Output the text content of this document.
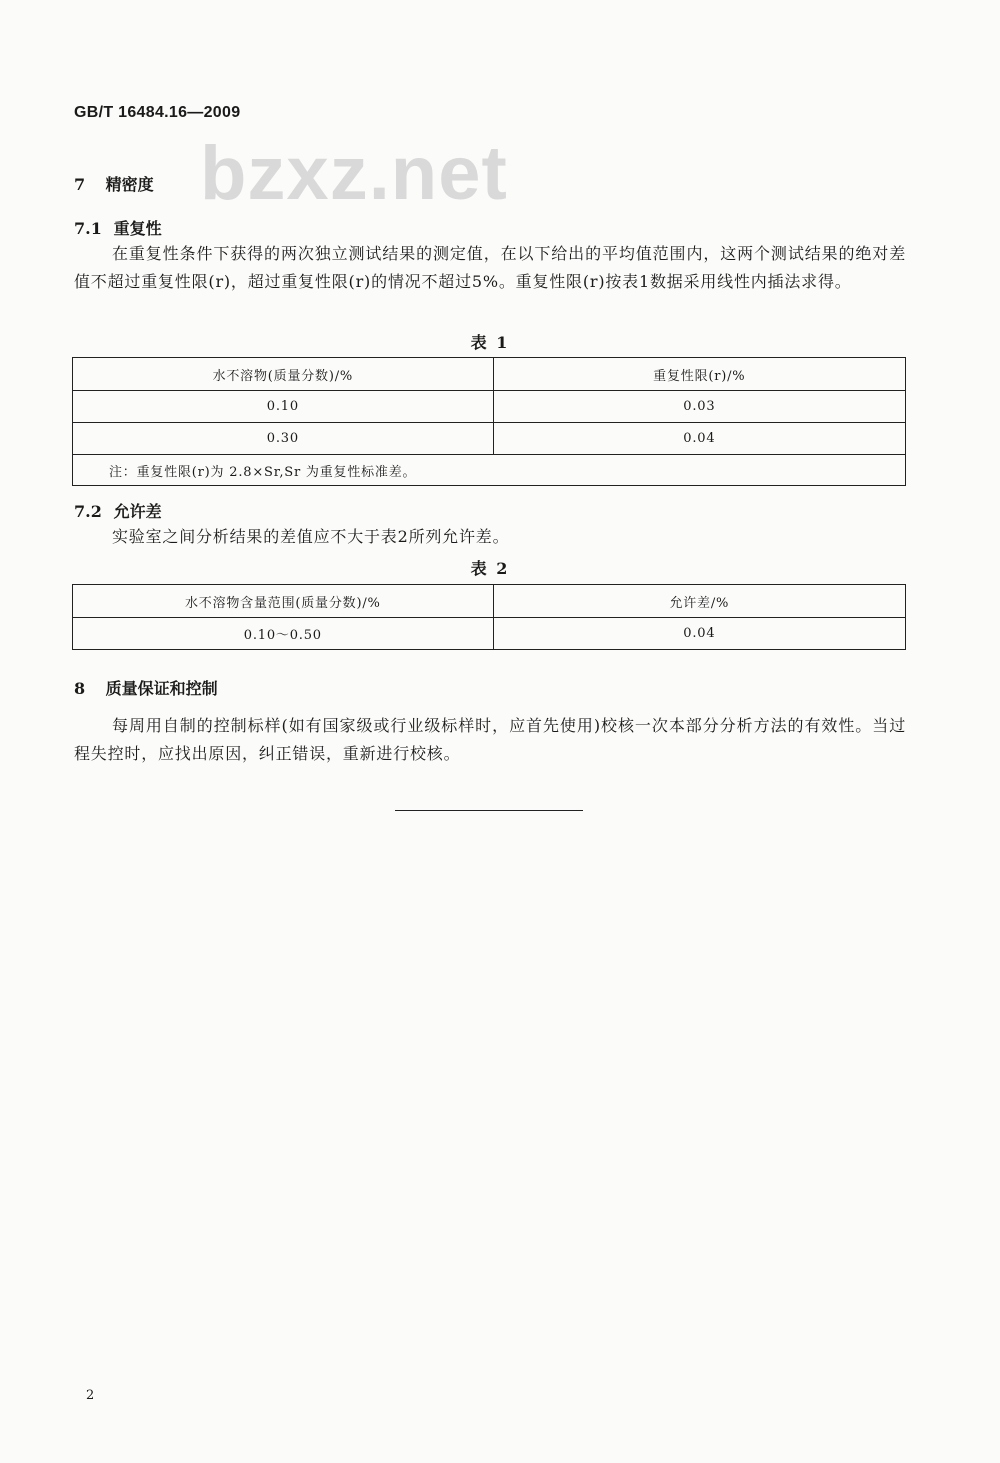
GB/T 16484.16—2009
bzxz.net
7 精密度
7.1 重复性
在重复性条件下获得的两次独立测试结果的测定值，在以下给出的平均值范围内，这两个测试结果的绝对差值不超过重复性限(r)，超过重复性限(r)的情况不超过5%。重复性限(r)按表1数据采用线性内插法求得。
表 1
水不溶物(质量分数)/%	重复性限(r)/%
0.10	0.03
0.30	0.04
注：重复性限(r)为 2.8×Sr,Sr 为重复性标准差。	
7.2 允许差
实验室之间分析结果的差值应不大于表2所列允许差。
表 2
水不溶物含量范围(质量分数)/%	允许差/%
0.10～0.50	0.04
8 质量保证和控制
每周用自制的控制标样(如有国家级或行业级标样时，应首先使用)校核一次本部分分析方法的有效性。当过程失控时，应找出原因，纠正错误，重新进行校核。
2
